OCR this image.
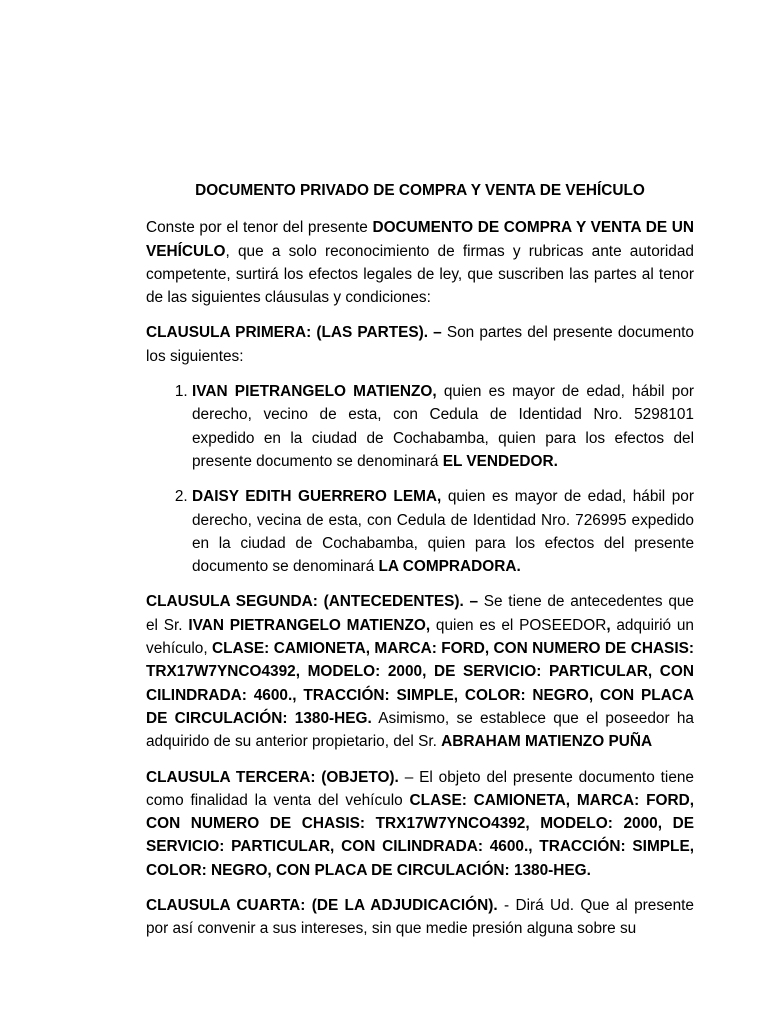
DOCUMENTO PRIVADO DE COMPRA Y VENTA DE VEHÍCULO

Conste por el tenor del presente DOCUMENTO DE COMPRA Y VENTA DE UN VEHÍCULO, que a solo reconocimiento de firmas y rubricas ante autoridad competente, surtirá los efectos legales de ley, que suscriben las partes al tenor de las siguientes cláusulas y condiciones:

CLAUSULA PRIMERA: (LAS PARTES). – Son partes del presente documento los siguientes:

1. IVAN PIETRANGELO MATIENZO, quien es mayor de edad, hábil por derecho, vecino de esta, con Cedula de Identidad Nro. 5298101 expedido en la ciudad de Cochabamba, quien para los efectos del presente documento se denominará EL VENDEDOR.
2. DAISY EDITH GUERRERO LEMA, quien es mayor de edad, hábil por derecho, vecina de esta, con Cedula de Identidad Nro. 726995 expedido en la ciudad de Cochabamba, quien para los efectos del presente documento se denominará LA COMPRADORA.

CLAUSULA SEGUNDA: (ANTECEDENTES). – Se tiene de antecedentes que el Sr. IVAN PIETRANGELO MATIENZO, quien es el POSEEDOR, adquirió un vehículo, CLASE: CAMIONETA, MARCA: FORD, CON NUMERO DE CHASIS: TRX17W7YNCO4392, MODELO: 2000, DE SERVICIO: PARTICULAR, CON CILINDRADA: 4600., TRACCIÓN: SIMPLE, COLOR: NEGRO, CON PLACA DE CIRCULACIÓN: 1380-HEG. Asimismo, se establece que el poseedor ha adquirido de su anterior propietario, del Sr. ABRAHAM MATIENZO PUÑA

CLAUSULA TERCERA: (OBJETO). – El objeto del presente documento tiene como finalidad la venta del vehículo CLASE: CAMIONETA, MARCA: FORD, CON NUMERO DE CHASIS: TRX17W7YNCO4392, MODELO: 2000, DE SERVICIO: PARTICULAR, CON CILINDRADA: 4600., TRACCIÓN: SIMPLE, COLOR: NEGRO, CON PLACA DE CIRCULACIÓN: 1380-HEG.

CLAUSULA CUARTA: (DE LA ADJUDICACIÓN). - Dirá Ud. Que al presente por así convenir a sus intereses, sin que medie presión alguna sobre su
